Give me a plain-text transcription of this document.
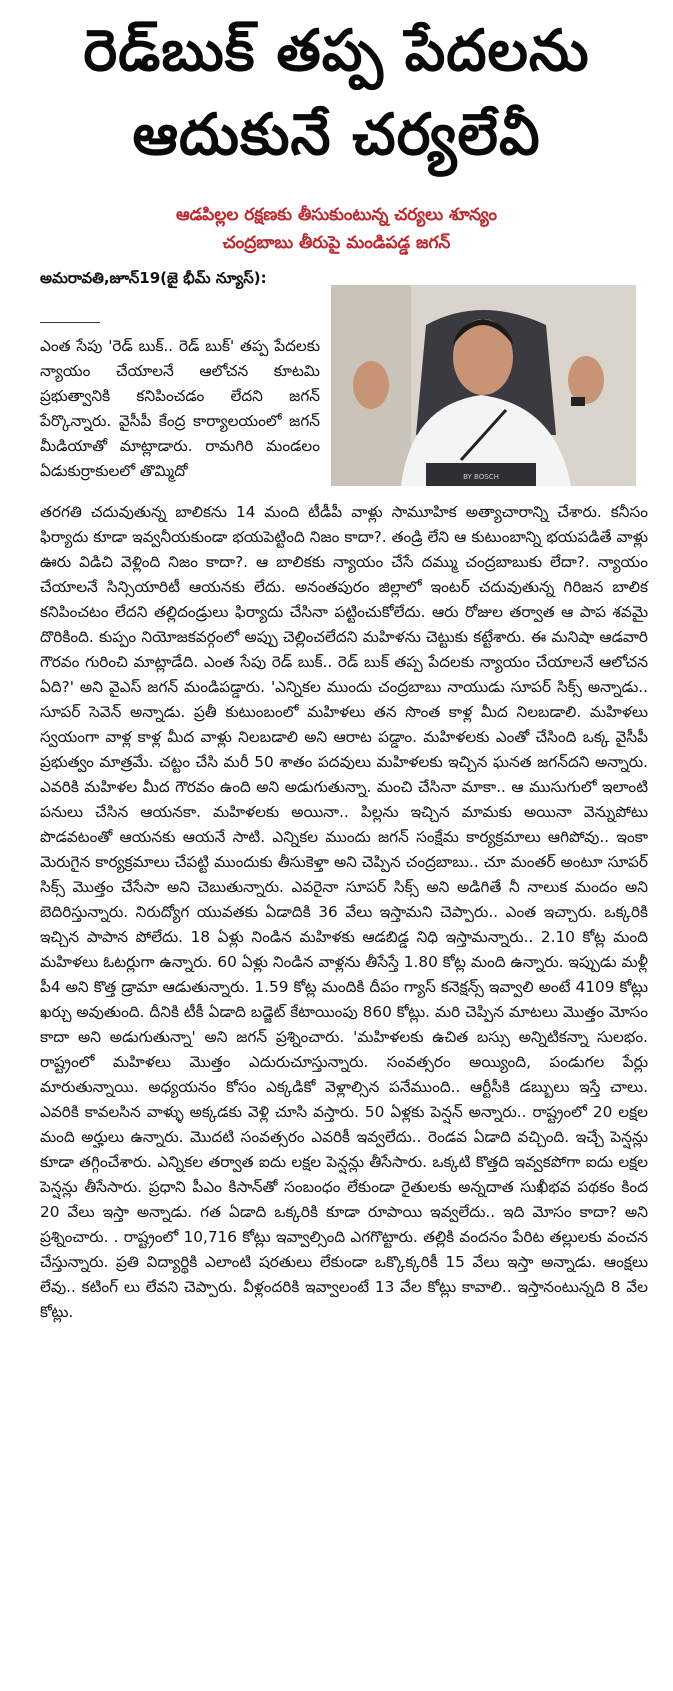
రెడ్‌బుక్ తప్ప పేదలను
ఆదుకునే చర్యలేవీ
ఆడపిల్లల రక్షణకు తీసుకుంటున్న చర్యలు శూన్యం
చంద్రబాబు తీరుపై మండిపడ్డ జగన్
అమరావతి,జూన్19(జై భీమ్ న్యూస్):
BY BOSCH

ఎంత సేపు 'రెడ్ బుక్.. రెడ్ బుక్' తప్ప పేదలకు న్యాయం చేయాలనే ఆలోచన కూటమి ప్రభుత్వానికి కనిపించడం లేదని జగన్ పేర్కొన్నారు. వైసీపీ కేంద్ర కార్యాలయంలో జగన్ మీడియాతో మాట్లాడారు. రామగిరి మండలం ఏడుకుర్రాకులలో తొమ్మిదో

తరగతి చదువుతున్న బాలికను 14 మంది టీడీపీ వాళ్లు సామూహిక అత్యాచారాన్ని చేశారు. కనీసం ఫిర్యాదు కూడా ఇవ్వనీయకుండా భయపెట్టింది నిజం కాదా?. తండ్రి లేని ఆ కుటుంబాన్ని భయపడితే వాళ్లు ఊరు విడిచి వెళ్లింది నిజం కాదా?. ఆ బాలికకు న్యాయం చేసే దమ్ము చంద్రబాబుకు లేదా?. న్యాయం చేయాలనే సిన్సియారిటీ ఆయనకు లేదు. అనంతపురం జిల్లాలో ఇంటర్ చదువుతున్న గిరిజన బాలిక కనిపించటం లేదని తల్లిదండ్రులు ఫిర్యాదు చేసినా పట్టించుకోలేదు. ఆరు రోజుల తర్వాత ఆ పాప శవమై దొరికింది. కుప్పం నియోజకవర్గంలో అప్పు చెల్లించలేదని మహిళను చెట్టుకు కట్టేశారు. ఈ మనిషా ఆడవారి గౌరవం గురించి మాట్లాడేది. ఎంత సేపు రెడ్ బుక్.. రెడ్ బుక్ తప్ప పేదలకు న్యాయం చేయాలనే ఆలోచన ఏది?' అని వైఎస్ జగన్ మండిపడ్డారు. 'ఎన్నికల ముందు చంద్రబాబు నాయుడు సూపర్ సిక్స్ అన్నాడు.. సూపర్ సెవెన్ అన్నాడు. ప్రతీ కుటుంబంలో మహిళలు తన సొంత కాళ్ల మీద నిలబడాలి. మహిళలు స్వయంగా వాళ్ల కాళ్ల మీద వాళ్లు నిలబడాలి అని ఆరాట పడ్డాం. మహిళలకు ఎంతో చేసింది ఒక్క వైసీపీ ప్రభుత్వం మాత్రమే. చట్టం చేసి మరీ 50 శాతం పదవులు మహిళలకు ఇచ్చిన ఘనత జగన్‌దని అన్నారు. ఎవరికి మహిళల మీద గౌరవం ఉంది అని అడుగుతున్నా. మంచి చేసినా మాకా.. ఆ ముసుగులో ఇలాంటి పనులు చేసిన ఆయనకా. మహిళలకు అయినా.. పిల్లను ఇచ్చిన మామకు అయినా వెన్నుపోటు పొడవటంతో ఆయనకు ఆయనే సాటి. ఎన్నికల ముందు జగన్ సంక్షేమ కార్యక్రమాలు ఆగిపోవు.. ఇంకా మెరుగైన కార్యక్రమాలు చేపట్టి ముందుకు తీసుకెళ్తా అని చెప్పిన చంద్రబాబు.. చూ మంతర్ అంటూ సూపర్ సిక్స్ మొత్తం చేసేసా అని చెబుతున్నారు. ఎవరైనా సూపర్ సిక్స్ అని అడిగితే నీ నాలుక మందం అని బెదిరిస్తున్నారు. నిరుద్యోగ యువతకు ఏడాదికి 36 వేలు ఇస్తామని చెప్పారు.. ఎంత ఇచ్చారు. ఒక్కరికి ఇచ్చిన పాపాన పోలేదు. 18 ఏళ్లు నిండిన మహిళకు ఆడబిడ్డ నిధి ఇస్తామన్నారు.. 2.10 కోట్ల మంది మహిళలు ఓటర్లుగా ఉన్నారు. 60 ఏళ్లు నిండిన వాళ్లను తీసేస్తే 1.80 కోట్ల మంది ఉన్నారు. ఇప్పుడు మళ్లీ పీ4 అని కొత్త డ్రామా ఆడుతున్నారు. 1.59 కోట్ల మందికి దీపం గ్యాస్ కనెక్షన్స్ ఇవ్వాలి అంటే 4109 కోట్లు ఖర్చు అవుతుంది. దీనికి టీకీ ఏడాది బడ్జెట్ కేటాయింపు 860 కోట్లు. మరి చెప్పిన మాటలు మొత్తం మోసం కాదా అని అడుగుతున్నా' అని జగన్ ప్రశ్నించారు. 'మహిళలకు ఉచిత బస్సు అన్నిటికన్నా సులభం. రాష్ట్రంలో మహిళలు మొత్తం ఎదురుచూస్తున్నారు. సంవత్సరం అయ్యింది, పండుగల పేర్లు మారుతున్నాయి. అధ్యయనం కోసం ఎక్కడికో వెళ్లాల్సిన పనేముంది.. ఆర్టీసీకి డబ్బులు ఇస్తే చాలు. ఎవరికి కావలసిన వాళ్ళు అక్కడకు వెళ్లి చూసి వస్తారు. 50 ఏళ్లకు పెన్షన్ అన్నారు.. రాష్ట్రంలో 20 లక్షల మంది అర్హులు ఉన్నారు. మొదటి సంవత్సరం ఎవరికీ ఇవ్వలేదు.. రెండవ ఏడాది వచ్చింది. ఇచ్చే పెన్షన్లు కూడా తగ్గించేశారు. ఎన్నికల తర్వాత ఐదు లక్షల పెన్షన్లు తీసేసారు. ఒక్కటి కొత్తది ఇవ్వకపోగా ఐదు లక్షల పెన్షన్లు తీసేసారు. ప్రధాని పీఎం కిసాన్‌తో సంబంధం లేకుండా రైతులకు అన్నదాత సుఖీభవ పథకం కింద 20 వేలు ఇస్తా అన్నాడు. గత ఏడాది ఒక్కరికి కూడా రూపాయి ఇవ్వలేదు.. ఇది మోసం కాదా? అని ప్రశ్నించారు. . రాష్ట్రంలో 10,716 కోట్లు ఇవ్వాల్సింది ఎగగొట్టారు. తల్లికి వందనం పేరిట తల్లులకు వంచన చేస్తున్నారు. ప్రతి విద్యార్థికి ఎలాంటి షరతులు లేకుండా ఒక్కొక్కరికీ 15 వేలు ఇస్తా అన్నాడు. ఆంక్షలు లేవు.. కటింగ్ లు లేవని చెప్పారు. వీళ్లందరికి ఇవ్వాలంటే 13 వేల కోట్లు కావాలి.. ఇస్తానంటున్నది 8 వేల కోట్లు.
